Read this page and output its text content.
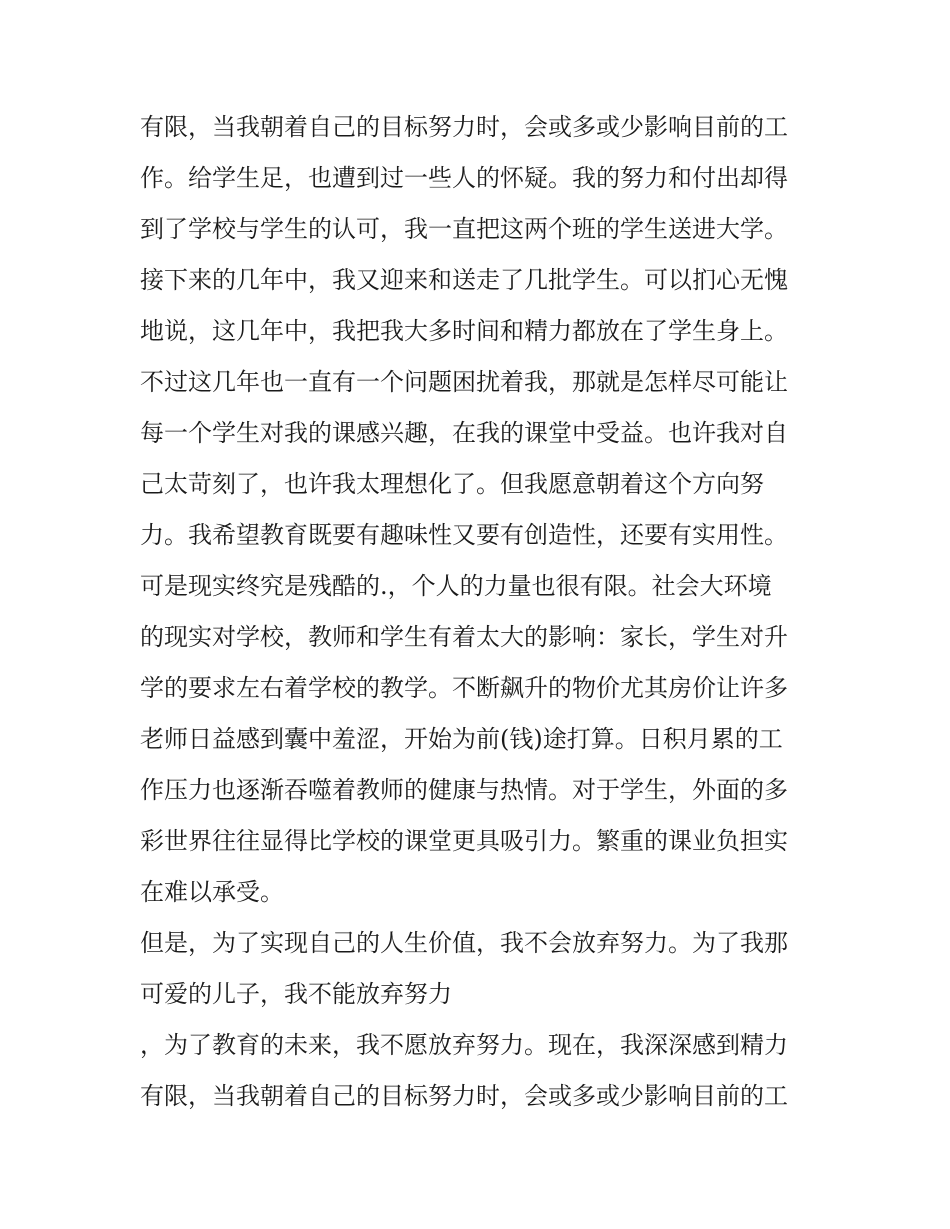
有限，当我朝着自己的目标努力时，会或多或少影响目前的工
作。给学生足，也遭到过一些人的怀疑。我的努力和付出却得
到了学校与学生的认可，我一直把这两个班的学生送进大学。
接下来的几年中，我又迎来和送走了几批学生。可以扪心无愧
地说，这几年中，我把我大多时间和精力都放在了学生身上。
不过这几年也一直有一个问题困扰着我，那就是怎样尽可能让
每一个学生对我的课感兴趣，在我的课堂中受益。也许我对自
己太苛刻了，也许我太理想化了。但我愿意朝着这个方向努
力。我希望教育既要有趣味性又要有创造性，还要有实用性。
可是现实终究是残酷的.，个人的力量也很有限。社会大环境
的现实对学校，教师和学生有着太大的影响：家长，学生对升
学的要求左右着学校的教学。不断飙升的物价尤其房价让许多
老师日益感到囊中羞涩，开始为前(钱)途打算。日积月累的工
作压力也逐渐吞噬着教师的健康与热情。对于学生，外面的多
彩世界往往显得比学校的课堂更具吸引力。繁重的课业负担实
在难以承受。
但是，为了实现自己的人生价值，我不会放弃努力。为了我那
可爱的儿子，我不能放弃努力
，为了教育的未来，我不愿放弃努力。现在，我深深感到精力
有限，当我朝着自己的目标努力时，会或多或少影响目前的工
